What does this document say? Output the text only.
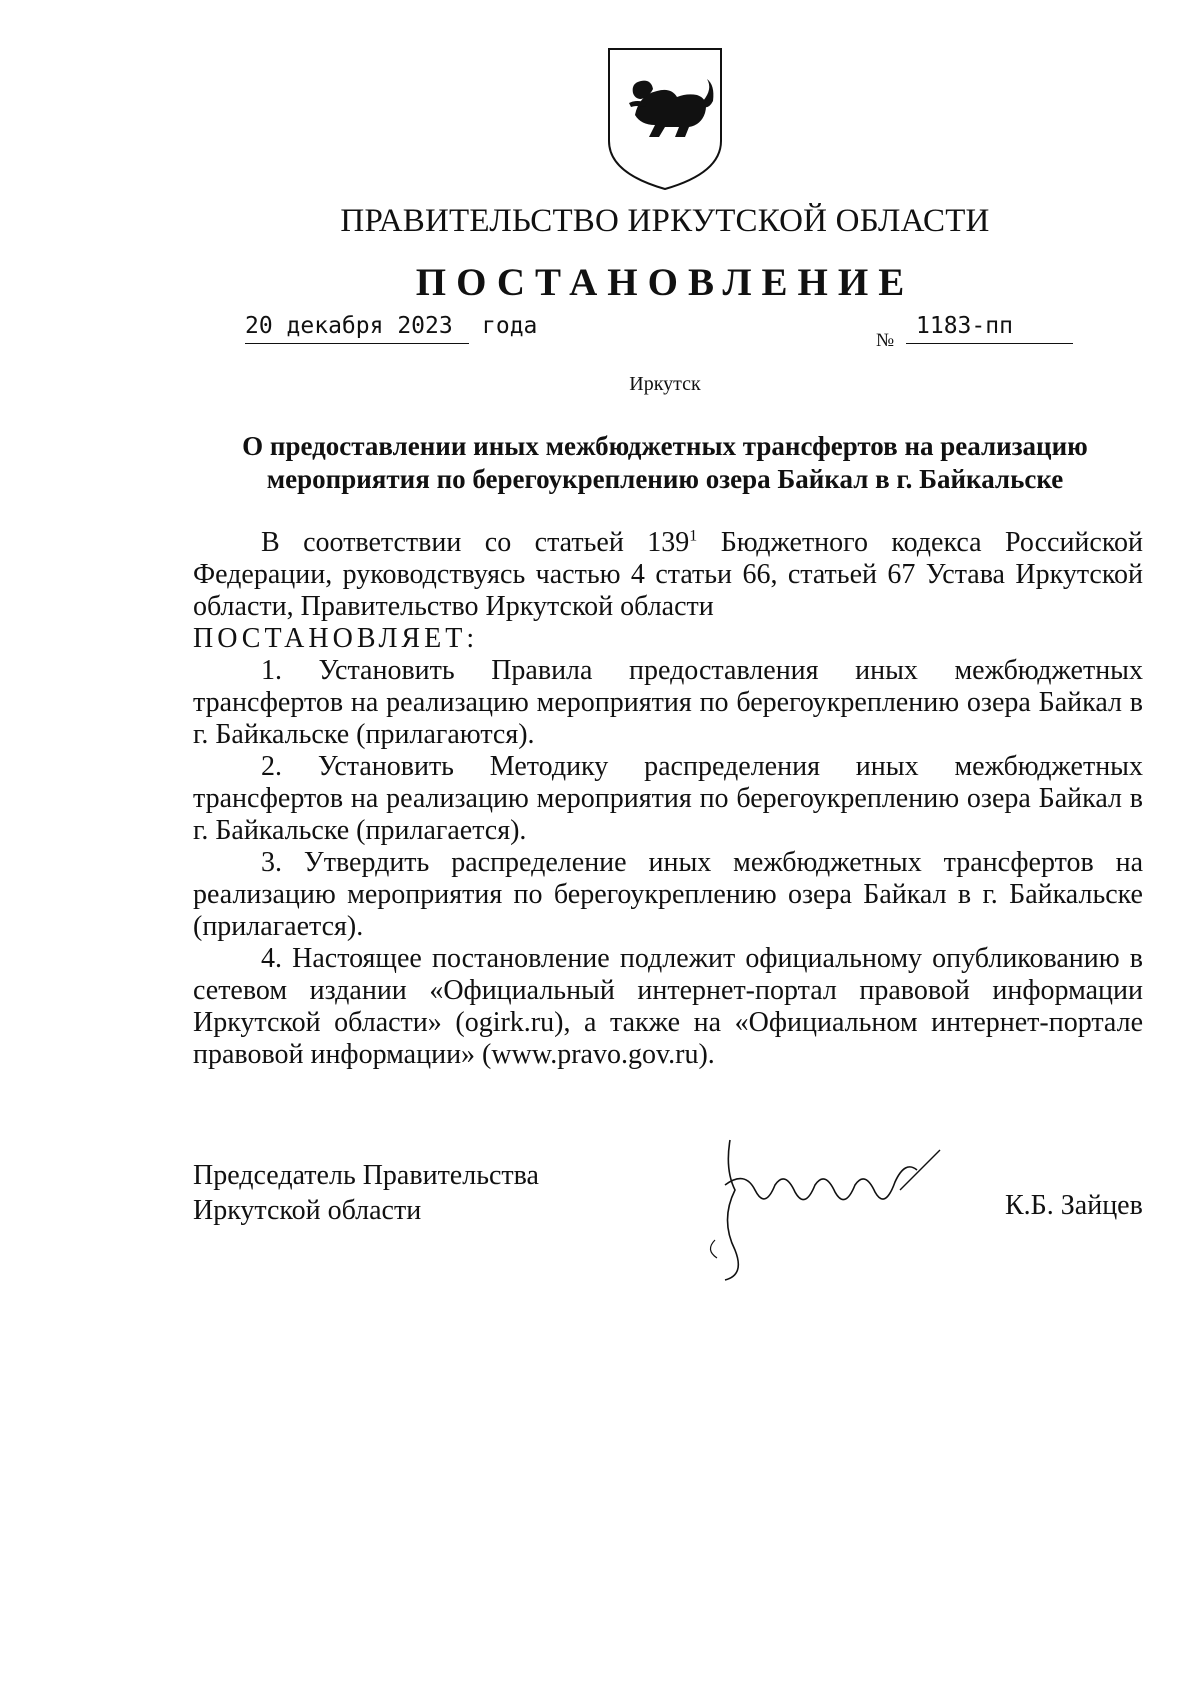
ПРАВИТЕЛЬСТВО ИРКУТСКОЙ ОБЛАСТИ
ПОСТАНОВЛЕНИЕ
20 декабря 2023	года
№
1183-пп
Иркутск
О предоставлении иных межбюджетных трансфертов на реализацию
мероприятия по берегоукреплению озера Байкал в г. Байкальске

В соответствии со статьей $139^1$ Бюджетного кодекса Российской Федерации, руководствуясь частью 4 статьи 66, статьей 67 Устава Иркутской области, Правительство Иркутской области

ПОСТАНОВЛЯЕТ:

1. Установить Правила предоставления иных межбюджетных трансфертов на реализацию мероприятия по берегоукреплению озера Байкал в г. Байкальске (прилагаются).

2. Установить Методику распределения иных межбюджетных трансфертов на реализацию мероприятия по берегоукреплению озера Байкал в г. Байкальске (прилагается).

3. Утвердить распределение иных межбюджетных трансфертов на реализацию мероприятия по берегоукреплению озера Байкал в г. Байкальске (прилагается).

4. Настоящее постановление подлежит официальному опубликованию в сетевом издании «Официальный интернет-портал правовой информации Иркутской области» (ogirk.ru), а также на «Официальном интернет-портале правовой информации» (www.pravo.gov.ru).

Председатель Правительства
Иркутской области	К.Б. Зайцев
